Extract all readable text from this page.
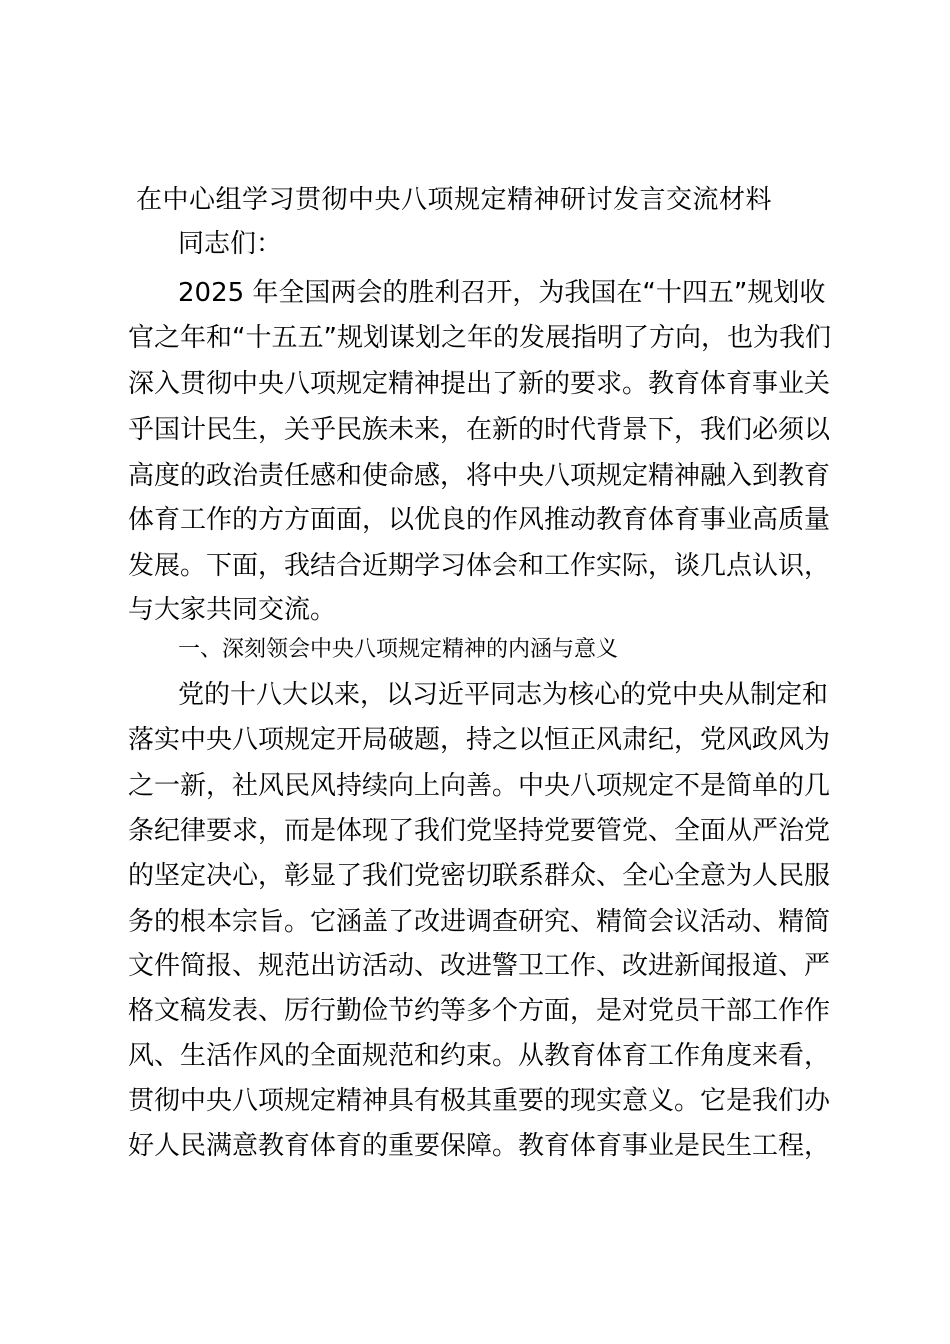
在中心组学习贯彻中央八项规定精神研讨发言交流材料
同志们：
2025 年全国两会的胜利召开，为我国在“十四五”规划收
官之年和“十五五”规划谋划之年的发展指明了方向，也为我们
深入贯彻中央八项规定精神提出了新的要求。教育体育事业关
乎国计民生，关乎民族未来，在新的时代背景下，我们必须以
高度的政治责任感和使命感，将中央八项规定精神融入到教育
体育工作的方方面面，以优良的作风推动教育体育事业高质量
发展。下面，我结合近期学习体会和工作实际，谈几点认识，
与大家共同交流。
一、深刻领会中央八项规定精神的内涵与意义
党的十八大以来，以习近平同志为核心的党中央从制定和
落实中央八项规定开局破题，持之以恒正风肃纪，党风政风为
之一新，社风民风持续向上向善。中央八项规定不是简单的几
条纪律要求，而是体现了我们党坚持党要管党、全面从严治党
的坚定决心，彰显了我们党密切联系群众、全心全意为人民服
务的根本宗旨。它涵盖了改进调查研究、精简会议活动、精简
文件简报、规范出访活动、改进警卫工作、改进新闻报道、严
格文稿发表、厉行勤俭节约等多个方面，是对党员干部工作作
风、生活作风的全面规范和约束。从教育体育工作角度来看，
贯彻中央八项规定精神具有极其重要的现实意义。它是我们办
好人民满意教育体育的重要保障。教育体育事业是民生工程，
